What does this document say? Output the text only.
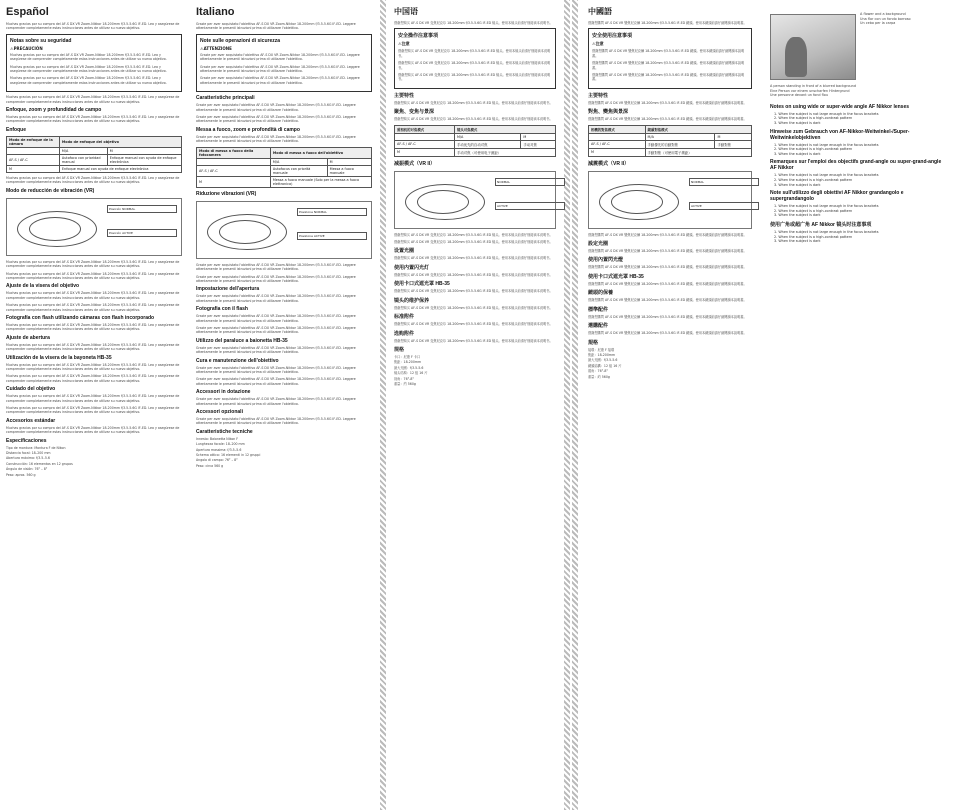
Español
Muchas gracias por su compra del AF-S DX VR Zoom-Nikkor 18-200mm f/3.5-5.6G IF-ED. Lea y asegúrese de comprender completamente estas instrucciones antes de utilizar su nuevo objetivo.
Notas sobre su seguridad
⚠ PRECAUCIÓN
Muchas gracias por su compra del AF-S DX VR Zoom-Nikkor 18-200mm f/3.5-5.6G IF-ED. Lea y asegúrese de comprender completamente estas instrucciones antes de utilizar su nuevo objetivo.
Muchas gracias por su compra del AF-S DX VR Zoom-Nikkor 18-200mm f/3.5-5.6G IF-ED. Lea y asegúrese de comprender completamente estas instrucciones antes de utilizar su nuevo objetivo.
Muchas gracias por su compra del AF-S DX VR Zoom-Nikkor 18-200mm f/3.5-5.6G IF-ED. Lea y asegúrese de comprender completamente estas instrucciones antes de utilizar su nuevo objetivo.
Muchas gracias por su compra del AF-S DX VR Zoom-Nikkor 18-200mm f/3.5-5.6G IF-ED. Lea y asegúrese de comprender completamente estas instrucciones antes de utilizar su nuevo objetivo.
Enfoque, zoom y profundidad de campo
Muchas gracias por su compra del AF-S DX VR Zoom-Nikkor 18-200mm f/3.5-5.6G IF-ED. Lea y asegúrese de comprender completamente estas instrucciones antes de utilizar su nuevo objetivo.
Enfoque
Modo de enfoque de la cámara	Modo de enfoque del objetivo	
	M/A	M
AF-S / AF-C	Autofoco con prioridad manual	Enfoque manual con ayuda de enfoque electrónica
M	Enfoque manual con ayuda de enfoque electrónica	
Muchas gracias por su compra del AF-S DX VR Zoom-Nikkor 18-200mm f/3.5-5.6G IF-ED. Lea y asegúrese de comprender completamente estas instrucciones antes de utilizar su nuevo objetivo.
Modo de reducción de vibración (VR)
Posición NORMAL
Posición ACTIVE
Muchas gracias por su compra del AF-S DX VR Zoom-Nikkor 18-200mm f/3.5-5.6G IF-ED. Lea y asegúrese de comprender completamente estas instrucciones antes de utilizar su nuevo objetivo.
Muchas gracias por su compra del AF-S DX VR Zoom-Nikkor 18-200mm f/3.5-5.6G IF-ED. Lea y asegúrese de comprender completamente estas instrucciones antes de utilizar su nuevo objetivo.
Ajuste de la visera del objetivo
Muchas gracias por su compra del AF-S DX VR Zoom-Nikkor 18-200mm f/3.5-5.6G IF-ED. Lea y asegúrese de comprender completamente estas instrucciones antes de utilizar su nuevo objetivo.
Muchas gracias por su compra del AF-S DX VR Zoom-Nikkor 18-200mm f/3.5-5.6G IF-ED. Lea y asegúrese de comprender completamente estas instrucciones antes de utilizar su nuevo objetivo.
Fotografía con flash utilizando cámaras con flash incorporado
Muchas gracias por su compra del AF-S DX VR Zoom-Nikkor 18-200mm f/3.5-5.6G IF-ED. Lea y asegúrese de comprender completamente estas instrucciones antes de utilizar su nuevo objetivo.
Ajuste de abertura
Muchas gracias por su compra del AF-S DX VR Zoom-Nikkor 18-200mm f/3.5-5.6G IF-ED. Lea y asegúrese de comprender completamente estas instrucciones antes de utilizar su nuevo objetivo.
Utilización de la visera de la bayoneta HB-35
Muchas gracias por su compra del AF-S DX VR Zoom-Nikkor 18-200mm f/3.5-5.6G IF-ED. Lea y asegúrese de comprender completamente estas instrucciones antes de utilizar su nuevo objetivo.
Muchas gracias por su compra del AF-S DX VR Zoom-Nikkor 18-200mm f/3.5-5.6G IF-ED. Lea y asegúrese de comprender completamente estas instrucciones antes de utilizar su nuevo objetivo.
Cuidado del objetivo
Muchas gracias por su compra del AF-S DX VR Zoom-Nikkor 18-200mm f/3.5-5.6G IF-ED. Lea y asegúrese de comprender completamente estas instrucciones antes de utilizar su nuevo objetivo.
Muchas gracias por su compra del AF-S DX VR Zoom-Nikkor 18-200mm f/3.5-5.6G IF-ED. Lea y asegúrese de comprender completamente estas instrucciones antes de utilizar su nuevo objetivo.
Accesorios estándar
Muchas gracias por su compra del AF-S DX VR Zoom-Nikkor 18-200mm f/3.5-5.6G IF-ED. Lea y asegúrese de comprender completamente estas instrucciones antes de utilizar su nuevo objetivo.
Especificaciones
Tipo de montura: Montura F de Nikon
Distancia focal: 18–200 mm
Abertura máxima: f/3.5–5.6
Construcción: 16 elementos en 12 grupos
Ángulo de visión: 76° – 8°
Peso: aprox. 560 g
Italiano
Grazie per aver acquistato l'obiettivo AF-S DX VR Zoom-Nikkor 18-200mm f/3.5-5.6G IF-ED. Leggere attentamente le presenti istruzioni prima di utilizzare l'obiettivo.
Note sulle operazioni di sicurezza
⚠ ATTENZIONE
Grazie per aver acquistato l'obiettivo AF-S DX VR Zoom-Nikkor 18-200mm f/3.5-5.6G IF-ED. Leggere attentamente le presenti istruzioni prima di utilizzare l'obiettivo.
Grazie per aver acquistato l'obiettivo AF-S DX VR Zoom-Nikkor 18-200mm f/3.5-5.6G IF-ED. Leggere attentamente le presenti istruzioni prima di utilizzare l'obiettivo.
Grazie per aver acquistato l'obiettivo AF-S DX VR Zoom-Nikkor 18-200mm f/3.5-5.6G IF-ED. Leggere attentamente le presenti istruzioni prima di utilizzare l'obiettivo.
Caratteristiche principali
Grazie per aver acquistato l'obiettivo AF-S DX VR Zoom-Nikkor 18-200mm f/3.5-5.6G IF-ED. Leggere attentamente le presenti istruzioni prima di utilizzare l'obiettivo.
Grazie per aver acquistato l'obiettivo AF-S DX VR Zoom-Nikkor 18-200mm f/3.5-5.6G IF-ED. Leggere attentamente le presenti istruzioni prima di utilizzare l'obiettivo.
Messa a fuoco, zoom e profondità di campo
Grazie per aver acquistato l'obiettivo AF-S DX VR Zoom-Nikkor 18-200mm f/3.5-5.6G IF-ED. Leggere attentamente le presenti istruzioni prima di utilizzare l'obiettivo.
Modo di messa a fuoco della fotocamera	Modo di messa a fuoco dell'obiettivo	
	M/A	M
AF-S / AF-C	Autofocus con priorità manuale	Messa a fuoco manuale
M	Messa a fuoco manuale (Solo per la messa a fuoco elettronica)	
Riduzione vibrazioni (VR)
Posizione NORMAL
Posizione ACTIVE
Grazie per aver acquistato l'obiettivo AF-S DX VR Zoom-Nikkor 18-200mm f/3.5-5.6G IF-ED. Leggere attentamente le presenti istruzioni prima di utilizzare l'obiettivo.
Grazie per aver acquistato l'obiettivo AF-S DX VR Zoom-Nikkor 18-200mm f/3.5-5.6G IF-ED. Leggere attentamente le presenti istruzioni prima di utilizzare l'obiettivo.
Impostazione dell'apertura
Grazie per aver acquistato l'obiettivo AF-S DX VR Zoom-Nikkor 18-200mm f/3.5-5.6G IF-ED. Leggere attentamente le presenti istruzioni prima di utilizzare l'obiettivo.
Fotografia con il flash
Grazie per aver acquistato l'obiettivo AF-S DX VR Zoom-Nikkor 18-200mm f/3.5-5.6G IF-ED. Leggere attentamente le presenti istruzioni prima di utilizzare l'obiettivo.
Grazie per aver acquistato l'obiettivo AF-S DX VR Zoom-Nikkor 18-200mm f/3.5-5.6G IF-ED. Leggere attentamente le presenti istruzioni prima di utilizzare l'obiettivo.
Utilizzo del paraluce a baionetta HB-35
Grazie per aver acquistato l'obiettivo AF-S DX VR Zoom-Nikkor 18-200mm f/3.5-5.6G IF-ED. Leggere attentamente le presenti istruzioni prima di utilizzare l'obiettivo.
Cura e manutenzione dell'obiettivo
Grazie per aver acquistato l'obiettivo AF-S DX VR Zoom-Nikkor 18-200mm f/3.5-5.6G IF-ED. Leggere attentamente le presenti istruzioni prima di utilizzare l'obiettivo.
Grazie per aver acquistato l'obiettivo AF-S DX VR Zoom-Nikkor 18-200mm f/3.5-5.6G IF-ED. Leggere attentamente le presenti istruzioni prima di utilizzare l'obiettivo.
Accessori in dotazione
Grazie per aver acquistato l'obiettivo AF-S DX VR Zoom-Nikkor 18-200mm f/3.5-5.6G IF-ED. Leggere attentamente le presenti istruzioni prima di utilizzare l'obiettivo.
Accessori opzionali
Grazie per aver acquistato l'obiettivo AF-S DX VR Zoom-Nikkor 18-200mm f/3.5-5.6G IF-ED. Leggere attentamente le presenti istruzioni prima di utilizzare l'obiettivo.
Caratteristiche tecniche
Innesto: Baionetta Nikon F
Lunghezza focale: 18–200 mm
Apertura massima: f/3.5–5.6
Schema ottico: 16 elementi in 12 gruppi
Angolo di campo: 76° – 8°
Peso: circa 560 g
中国语
感谢您购买 AF-S DX VR 变焦尼克尔 18-200mm f/3.5-5.6G IF-ED 镜头。使用本镜头前请仔细阅读本说明书。
安全操作注意事项
⚠ 注意
感谢您购买 AF-S DX VR 变焦尼克尔 18-200mm f/3.5-5.6G IF-ED 镜头。使用本镜头前请仔细阅读本说明书。
感谢您购买 AF-S DX VR 变焦尼克尔 18-200mm f/3.5-5.6G IF-ED 镜头。使用本镜头前请仔细阅读本说明书。
感谢您购买 AF-S DX VR 变焦尼克尔 18-200mm f/3.5-5.6G IF-ED 镜头。使用本镜头前请仔细阅读本说明书。
主要特性
感谢您购买 AF-S DX VR 变焦尼克尔 18-200mm f/3.5-5.6G IF-ED 镜头。使用本镜头前请仔细阅读本说明书。
聚焦、变焦与景深
感谢您购买 AF-S DX VR 变焦尼克尔 18-200mm f/3.5-5.6G IF-ED 镜头。使用本镜头前请仔细阅读本说明书。
照相机的对焦模式	镜头对焦模式	
	M/A	M
AF-S / AF-C	手动优先的自动对焦	手动对焦
M	手动对焦（可使用电子测距）	
减振模式（VR II）
NORMAL
ACTIVE
感谢您购买 AF-S DX VR 变焦尼克尔 18-200mm f/3.5-5.6G IF-ED 镜头。使用本镜头前请仔细阅读本说明书。
感谢您购买 AF-S DX VR 变焦尼克尔 18-200mm f/3.5-5.6G IF-ED 镜头。使用本镜头前请仔细阅读本说明书。
设置光圈
感谢您购买 AF-S DX VR 变焦尼克尔 18-200mm f/3.5-5.6G IF-ED 镜头。使用本镜头前请仔细阅读本说明书。
使用内置闪光灯
感谢您购买 AF-S DX VR 变焦尼克尔 18-200mm f/3.5-5.6G IF-ED 镜头。使用本镜头前请仔细阅读本说明书。
使用卡口式遮光罩 HB-35
感谢您购买 AF-S DX VR 变焦尼克尔 18-200mm f/3.5-5.6G IF-ED 镜头。使用本镜头前请仔细阅读本说明书。
镜头的维护保养
感谢您购买 AF-S DX VR 变焦尼克尔 18-200mm f/3.5-5.6G IF-ED 镜头。使用本镜头前请仔细阅读本说明书。
标准附件
感谢您购买 AF-S DX VR 变焦尼克尔 18-200mm f/3.5-5.6G IF-ED 镜头。使用本镜头前请仔细阅读本说明书。
选购附件
感谢您购买 AF-S DX VR 变焦尼克尔 18-200mm f/3.5-5.6G IF-ED 镜头。使用本镜头前请仔细阅读本说明书。
规格
卡口：尼康 F 卡口
焦距：18-200mm
最大光圈：f/3.5-5.6
镜头结构：12 组 16 片
视角：76°-8°
重量：约 560g
中國語
感謝您購買 AF-S DX VR 變焦尼克爾 18-200mm f/3.5-5.6G IF-ED 鏡頭。使用本鏡頭前請仔細閱讀本說明書。
安全使用注意事項
⚠ 注意
感謝您購買 AF-S DX VR 變焦尼克爾 18-200mm f/3.5-5.6G IF-ED 鏡頭。使用本鏡頭前請仔細閱讀本說明書。
感謝您購買 AF-S DX VR 變焦尼克爾 18-200mm f/3.5-5.6G IF-ED 鏡頭。使用本鏡頭前請仔細閱讀本說明書。
感謝您購買 AF-S DX VR 變焦尼克爾 18-200mm f/3.5-5.6G IF-ED 鏡頭。使用本鏡頭前請仔細閱讀本說明書。
主要特性
感謝您購買 AF-S DX VR 變焦尼克爾 18-200mm f/3.5-5.6G IF-ED 鏡頭。使用本鏡頭前請仔細閱讀本說明書。
對焦、變焦與景深
感謝您購買 AF-S DX VR 變焦尼克爾 18-200mm f/3.5-5.6G IF-ED 鏡頭。使用本鏡頭前請仔細閱讀本說明書。
相機的對焦模式	鏡頭對焦模式	
	M/A	M
AF-S / AF-C	手動優先的自動對焦	手動對焦
M	手動對焦（可使用電子測距）	
減震模式（VR II）
NORMAL
ACTIVE
感謝您購買 AF-S DX VR 變焦尼克爾 18-200mm f/3.5-5.6G IF-ED 鏡頭。使用本鏡頭前請仔細閱讀本說明書。
設定光圈
感謝您購買 AF-S DX VR 變焦尼克爾 18-200mm f/3.5-5.6G IF-ED 鏡頭。使用本鏡頭前請仔細閱讀本說明書。
使用內置閃光燈
感謝您購買 AF-S DX VR 變焦尼克爾 18-200mm f/3.5-5.6G IF-ED 鏡頭。使用本鏡頭前請仔細閱讀本說明書。
使用卡口式遮光罩 HB-35
感謝您購買 AF-S DX VR 變焦尼克爾 18-200mm f/3.5-5.6G IF-ED 鏡頭。使用本鏡頭前請仔細閱讀本說明書。
鏡頭的保養
感謝您購買 AF-S DX VR 變焦尼克爾 18-200mm f/3.5-5.6G IF-ED 鏡頭。使用本鏡頭前請仔細閱讀本說明書。
標準配件
感謝您購買 AF-S DX VR 變焦尼克爾 18-200mm f/3.5-5.6G IF-ED 鏡頭。使用本鏡頭前請仔細閱讀本說明書。
選購配件
感謝您購買 AF-S DX VR 變焦尼克爾 18-200mm f/3.5-5.6G IF-ED 鏡頭。使用本鏡頭前請仔細閱讀本說明書。
規格
接環：尼康 F 接環
焦距：18-200mm
最大光圈：f/3.5-5.6
鏡頭結構：12 組 16 片
視角：76°-8°
重量：約 560g
A flower and a background
Una flor con un fondo borroso
Un cebo per la carpa
A person standing in front of a blurred background
Eine Person vor einem unscharfen Hintergrund
Une personne devant un fond flou
Notes on using wide or super-wide angle AF Nikkor lenses
1. When the subject is not large enough in the focus brackets
2. When the subject is a high-contrast pattern
3. When the subject is dark
Hinweise zum Gebrauch von AF-Nikkor-Weitwinkel-/Super-Weitwinkelobjektiven
1. When the subject is not large enough in the focus brackets
2. When the subject is a high-contrast pattern
3. When the subject is dark
Remarques sur l'emploi des objectifs grand-angle ou super-grand-angle AF Nikkor
1. When the subject is not large enough in the focus brackets
2. When the subject is a high-contrast pattern
3. When the subject is dark
Note sull'utilizzo degli obiettivi AF Nikkor grandangolo e supergrandangolo
1. When the subject is not large enough in the focus brackets
2. When the subject is a high-contrast pattern
3. When the subject is dark
使用广角或超广角 AF Nikkor 镜头时注意事项
1. When the subject is not large enough in the focus brackets
2. When the subject is a high-contrast pattern
3. When the subject is dark
